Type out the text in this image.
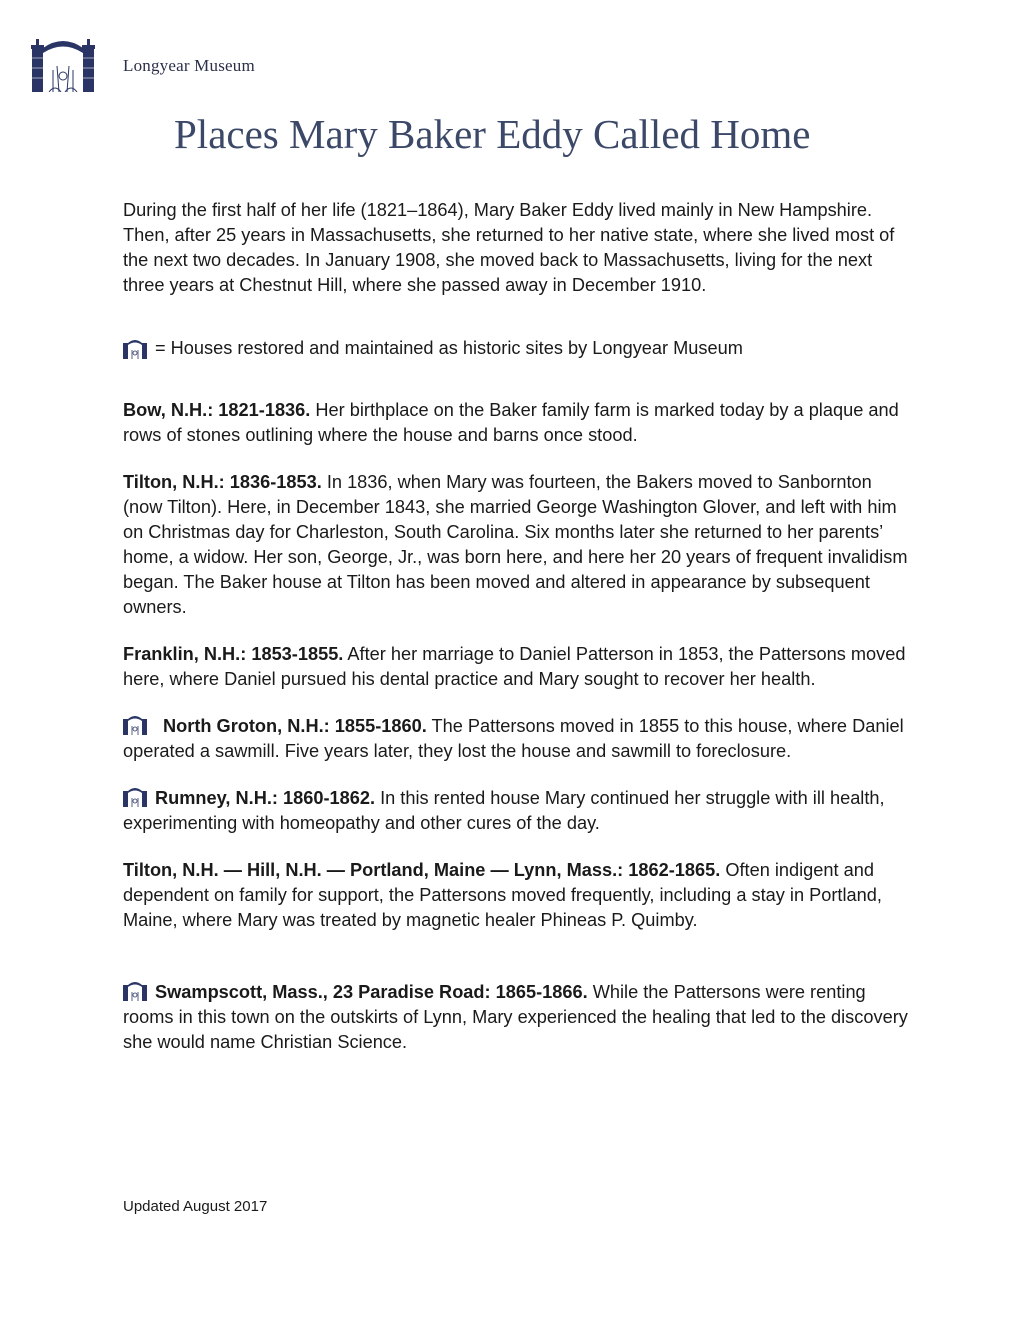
Longyear Museum
Places Mary Baker Eddy Called Home

During the first half of her life (1821–1864), Mary Baker Eddy lived mainly in New Hampshire. Then, after 25 years in Massachusetts, she returned to her native state, where she lived most of the next two decades. In January 1908, she moved back to Massachusetts, living for the next three years at Chestnut Hill, where she passed away in December 1910.

= Houses restored and maintained as historic sites by Longyear Museum

Bow, N.H.: 1821-1836. Her birthplace on the Baker family farm is marked today by a plaque and rows of stones outlining where the house and barns once stood.

Tilton, N.H.: 1836-1853. In 1836, when Mary was fourteen, the Bakers moved to Sanbornton (now Tilton). Here, in December 1843, she married George Washington Glover, and left with him on Christmas day for Charleston, South Carolina. Six months later she returned to her parents’ home, a widow. Her son, George, Jr., was born here, and here her 20 years of frequent invalidism began. The Baker house at Tilton has been moved and altered in appearance by subsequent owners.

Franklin, N.H.: 1853-1855. After her marriage to Daniel Patterson in 1853, the Pattersons moved here, where Daniel pursued his dental practice and Mary sought to recover her health.

North Groton, N.H.: 1855-1860. The Pattersons moved in 1855 to this house, where Daniel operated a sawmill. Five years later, they lost the house and sawmill to foreclosure.

Rumney, N.H.: 1860-1862. In this rented house Mary continued her struggle with ill health, experimenting with homeopathy and other cures of the day.

Tilton, N.H. — Hill, N.H. — Portland, Maine — Lynn, Mass.: 1862-1865. Often indigent and dependent on family for support, the Pattersons moved frequently, including a stay in Portland, Maine, where Mary was treated by magnetic healer Phineas P. Quimby.

Swampscott, Mass., 23 Paradise Road: 1865-1866. While the Pattersons were renting rooms in this town on the outskirts of Lynn, Mary experienced the healing that led to the discovery she would name Christian Science.

Updated August 2017
